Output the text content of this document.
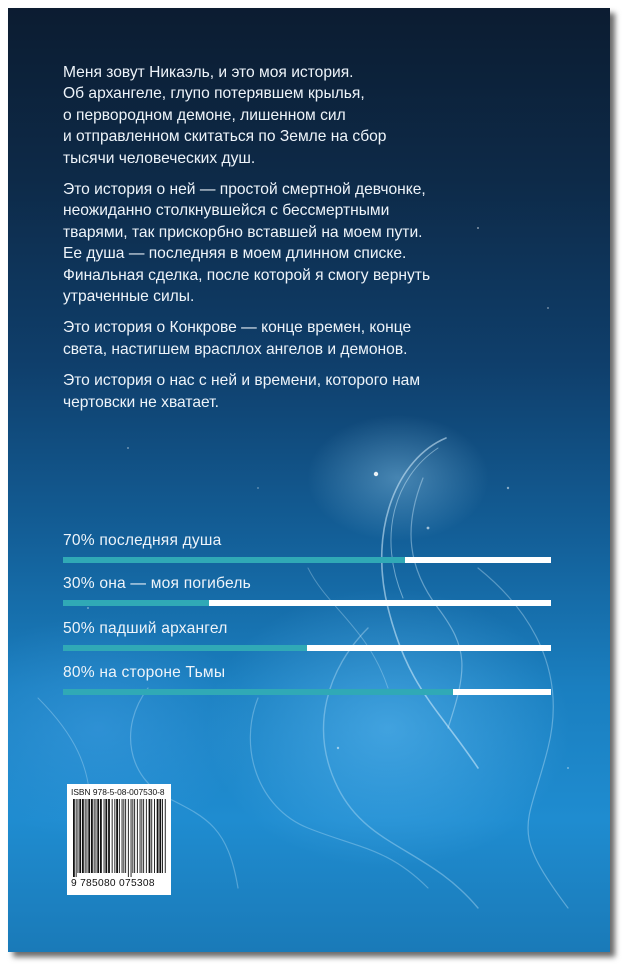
Меня зовут Никаэль, и это моя история.
Об архангеле, глупо потерявшем крылья,
о первородном демоне, лишенном сил
и отправленном скитаться по Земле на сбор
тысячи человеческих душ.

Это история о ней — простой смертной девчонке,
неожиданно столкнувшейся с бессмертными
тварями, так прискорбно вставшей на моем пути.
Ее душа — последняя в моем длинном списке.
Финальная сделка, после которой я смогу вернуть
утраченные силы.

Это история о Конкрове — конце времен, конце
света, настигшем врасплох ангелов и демонов.

Это история о нас с ней и времени, которого нам
чертовски не хватает.

70% последняя душа
30% она — моя погибель
50% падший архангел
80% на стороне Тьмы
ISBN 978-5-08-007530-8
9 785080 075308
